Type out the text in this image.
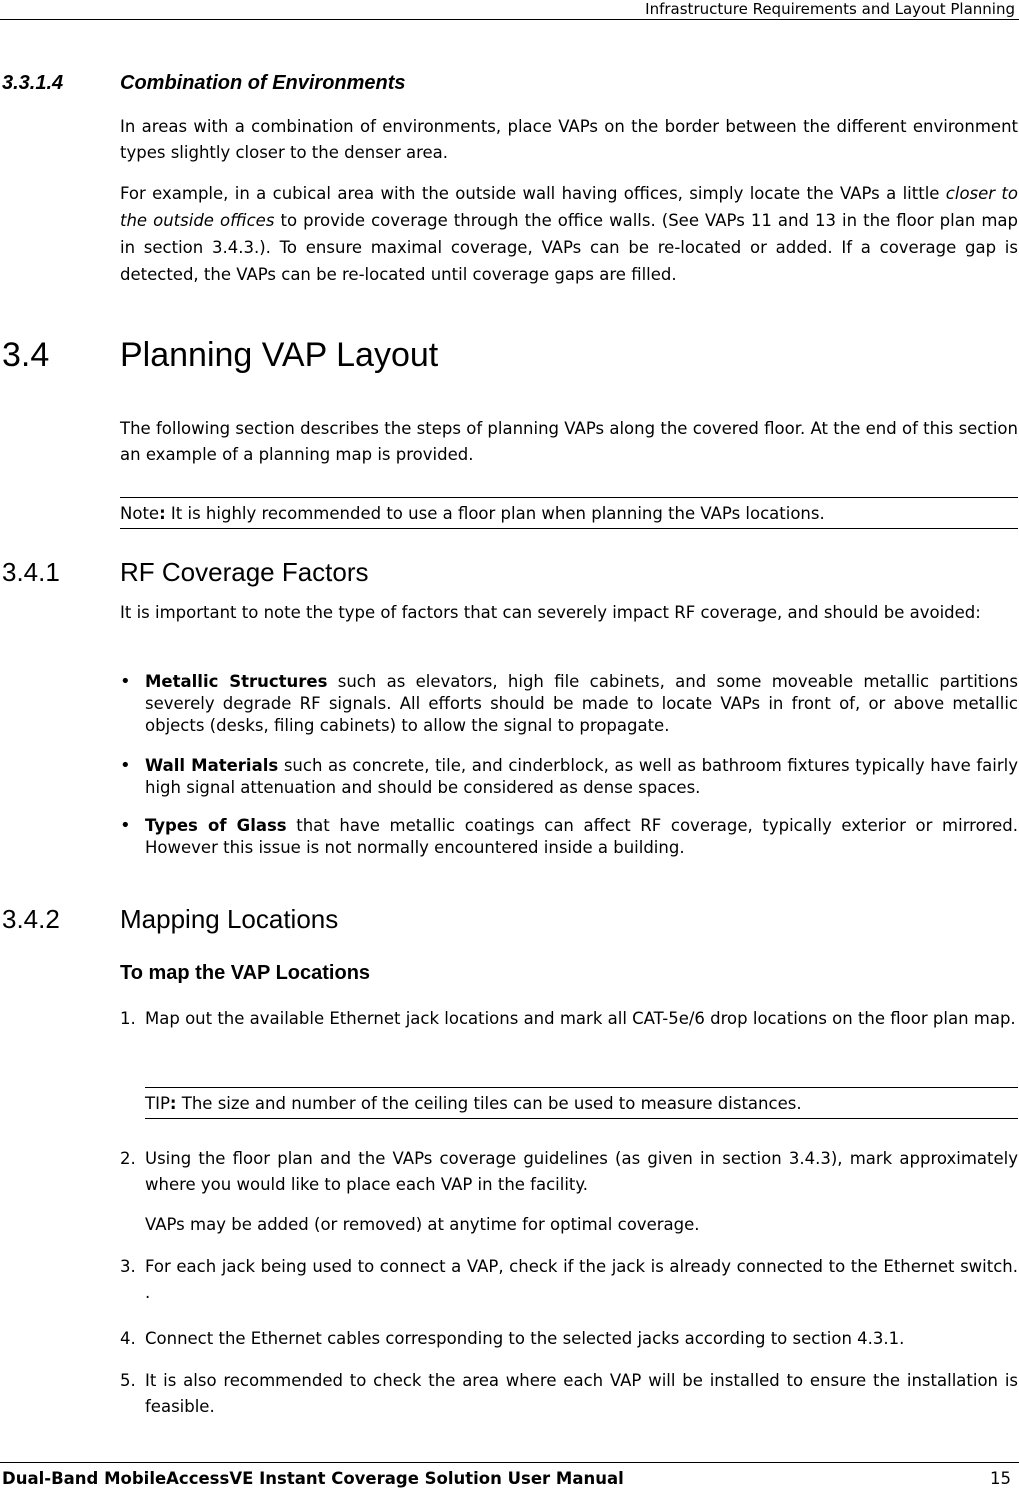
Infrastructure Requirements and Layout Planning
3.3.1.4	Combination of Environments
In areas with a combination of environments, place VAPs on the border between the different environment types slightly closer to the denser area.
For example, in a cubical area with the outside wall having offices, simply locate the VAPs a little closer to the outside offices to provide coverage through the office walls. (See VAPs 11 and 13 in the floor plan map in section 3.4.3.). To ensure maximal coverage, VAPs can be re-located or added. If a coverage gap is detected, the VAPs can be re-located until coverage gaps are filled.
3.4 Planning VAP Layout
The following section describes the steps of planning VAPs along the covered floor. At the end of this section an example of a planning map is provided.
Note: It is highly recommended to use a floor plan when planning the VAPs locations.
3.4.1 RF Coverage Factors
It is important to note the type of factors that can severely impact RF coverage, and should be avoided:
• Metallic Structures such as elevators, high file cabinets, and some moveable metallic partitions severely degrade RF signals. All efforts should be made to locate VAPs in front of, or above metallic objects (desks, filing cabinets) to allow the signal to propagate.
• Wall Materials such as concrete, tile, and cinderblock, as well as bathroom fixtures typically have fairly high signal attenuation and should be considered as dense spaces.
• Types of Glass that have metallic coatings can affect RF coverage, typically exterior or mirrored. However this issue is not normally encountered inside a building.
3.4.2 Mapping Locations
To map the VAP Locations
1. Map out the available Ethernet jack locations and mark all CAT-5e/6 drop locations on the floor plan map.
TIP: The size and number of the ceiling tiles can be used to measure distances.
2. Using the floor plan and the VAPs coverage guidelines (as given in section 3.4.3), mark approximately where you would like to place each VAP in the facility.
VAPs may be added (or removed) at anytime for optimal coverage.
3. For each jack being used to connect a VAP, check if the jack is already connected to the Ethernet switch. .
4. Connect the Ethernet cables corresponding to the selected jacks according to section 4.3.1.
5. It is also recommended to check the area where each VAP will be installed to ensure the installation is feasible.
Dual-Band MobileAccessVE Instant Coverage Solution User Manual	15
